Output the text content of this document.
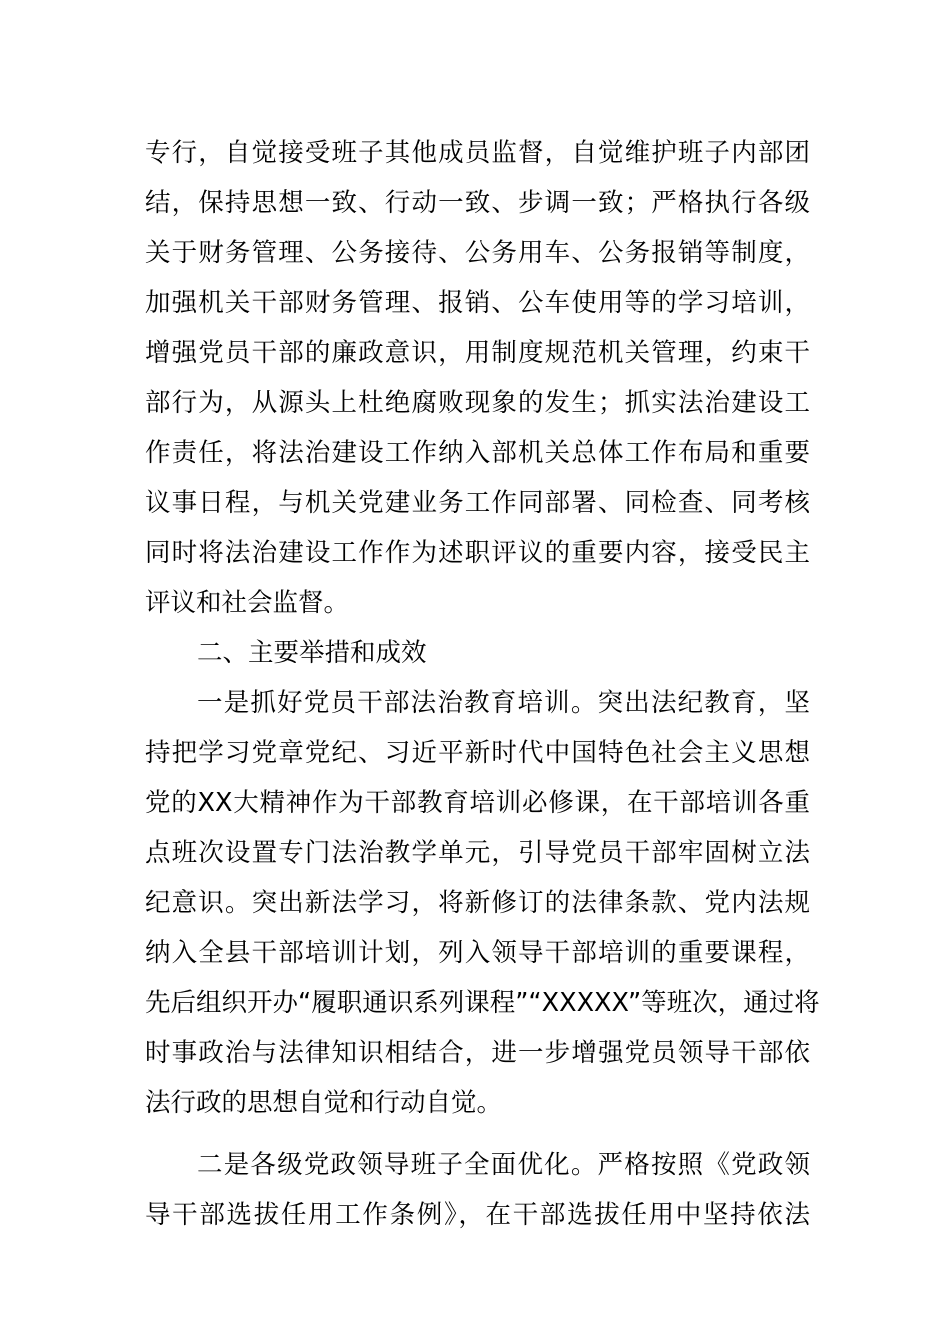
专行，自觉接受班子其他成员监督，自觉维护班子内部团
结，保持思想一致、行动一致、步调一致；严格执行各级
关于财务管理、公务接待、公务用车、公务报销等制度，
加强机关干部财务管理、报销、公车使用等的学习培训，
增强党员干部的廉政意识，用制度规范机关管理，约束干
部行为，从源头上杜绝腐败现象的发生；抓实法治建设工
作责任，将法治建设工作纳入部机关总体工作布局和重要
议事日程，与机关党建业务工作同部署、同检查、同考核
同时将法治建设工作作为述职评议的重要内容，接受民主
评议和社会监督。
二、主要举措和成效
一是抓好党员干部法治教育培训。突出法纪教育，坚
持把学习党章党纪、习近平新时代中国特色社会主义思想
党的XX大精神作为干部教育培训必修课，在干部培训各重
点班次设置专门法治教学单元，引导党员干部牢固树立法
纪意识。突出新法学习，将新修订的法律条款、党内法规
纳入全县干部培训计划，列入领导干部培训的重要课程，
先后组织开办“履职通识系列课程”“XXXXX”等班次，通过将
时事政治与法律知识相结合，进一步增强党员领导干部依
法行政的思想自觉和行动自觉。
二是各级党政领导班子全面优化。严格按照《党政领
导干部选拔任用工作条例》，在干部选拔任用中坚持依法
